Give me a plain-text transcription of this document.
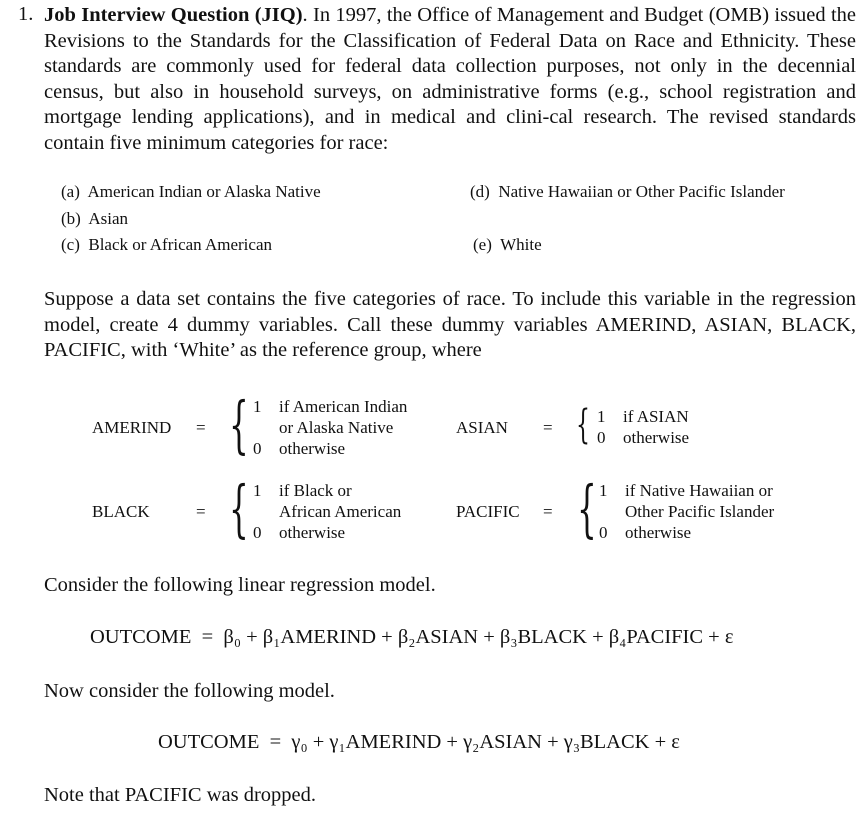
1. Job Interview Question (JIQ). In 1997, the Office of Management and Budget (OMB) issued the Revisions to the Standards for the Classification of Federal Data on Race and Ethnicity. These standards are commonly used for federal data collection purposes, not only in the decennial census, but also in household surveys, on administrative forms (e.g., school registration and mortgage lending applications), and in medical and clini-cal research. The revised standards contain five minimum categories for race:
(a) American Indian or Alaska Native
(b) Asian
(c) Black or African American
(d) Native Hawaiian or Other Pacific Islander
(e) White
Suppose a data set contains the five categories of race. To include this variable in the regression model, create 4 dummy variables. Call these dummy variables AMERIND, ASIAN, BLACK, PACIFIC, with ‘White’ as the reference group, where
AMERIND = { 1 if American Indian
or Alaska Native
0 otherwise
ASIAN = { 1 if ASIAN
0 otherwise
BLACK	= { 1 if Black or
African American
0 otherwise
PACIFIC = { 1 if Native Hawaiian or
Other Pacific Islander
0 otherwise
Consider the following linear regression model.
OUTCOME  =  β₀ + β₁AMERIND + β₂ASIAN + β₃BLACK + β₄PACIFIC + ε
Now consider the following model.
OUTCOME  =  γ₀ + γ₁AMERIND + γ₂ASIAN + γ₃BLACK + ε
Note that PACIFIC was dropped.
